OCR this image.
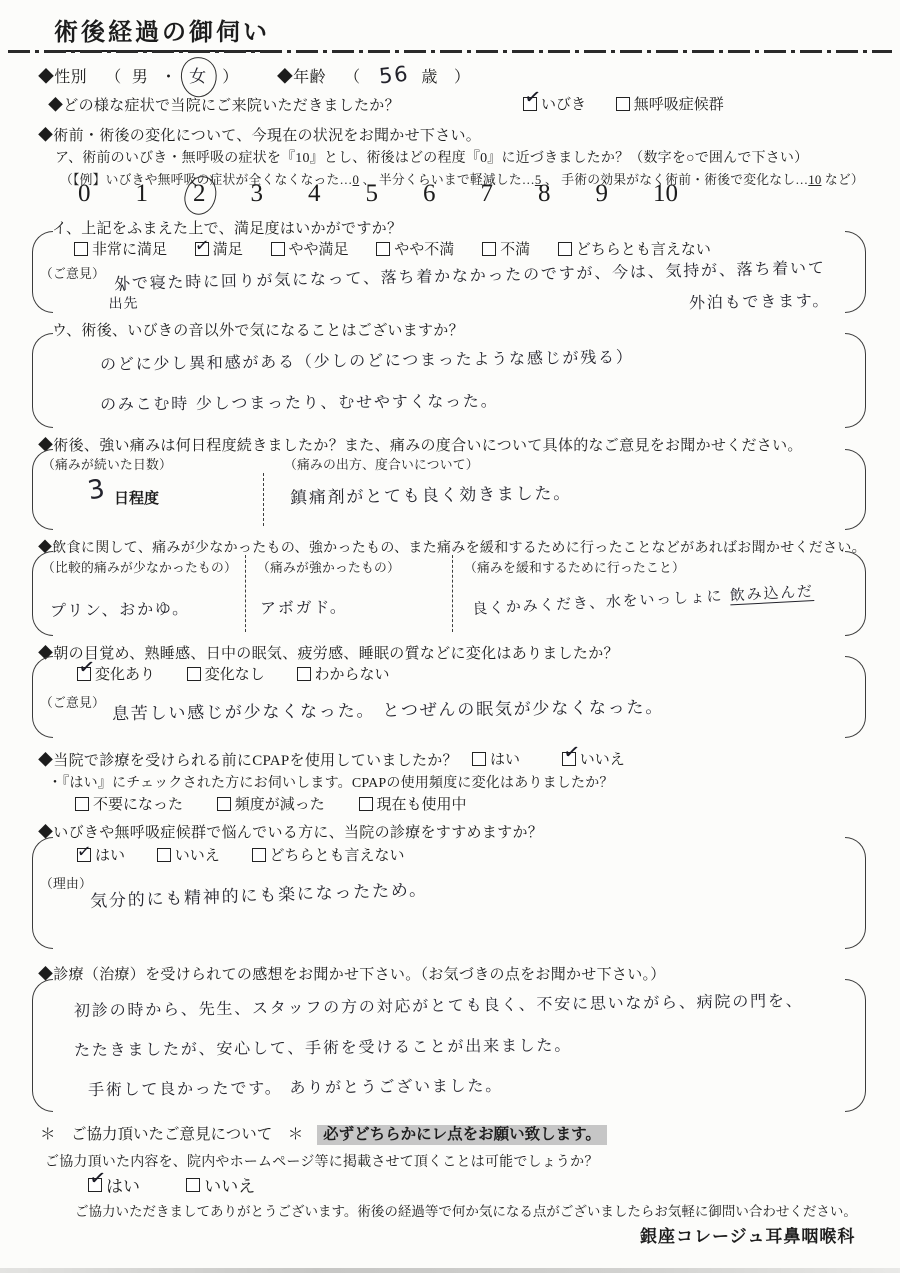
術後経過の御伺い
◆性別 （ 男 ・ 女 ） ◆年齢 （ 56 歳 ）
◆どの様な症状で当院にご来院いただきましたか？ ✓	いびき
	無呼吸症候群
◆術前・術後の変化について、今現在の状況をお聞かせ下さい。
ア、術前のいびき・無呼吸の症状を『10』とし、術後はどの程度『0』に近づきましたか？（数字を○で囲んで下さい）
（【例】いびきや無呼吸の症状が全くなくなった…0 、 半分くらいまで軽減した…5 、 手術の効果がなく術前・術後で変化なし…10 など）
0 1 2 3 4 5 6 7 8 9 10
イ、上記をふまえた上で、満足度はいかがですか？
非常に満足
✓	満足
	やや満足
	やや不満
	不満
	どちらとも言えない
（ご意見） 外
∧ 出先
で寝た時に回りが気になって、落ち着かなかったのですが、今は、気持が、落ち着いて
外泊もできます。
ウ、術後、いびきの音以外で気になることはございますか？
のどに少し異和感がある（少しのどにつまったような感じが残る）
のみこむ時 少しつまったり、むせやすくなった。
◆術後、強い痛みは何日程度続きましたか？また、痛みの度合いについて具体的なご意見をお聞かせください。
（痛みが続いた日数）	（痛みの出方、度合いについて）
3 日程度	鎮痛剤がとても良く効きました。
◆飲食に関して、痛みが少なかったもの、強かったもの、また痛みを緩和するために行ったことなどがあればお聞かせください。
（比較的痛みが少なかったもの） （痛みが強かったもの）	（痛みを緩和するために行ったこと）
プリン、おかゆ。	アボガド。	良くかみくだき、水をいっしょに 飲み込んだ
◆朝の目覚め、熟睡感、日中の眠気、疲労感、睡眠の質などに変化はありましたか？
✓
変化あり
	変化なし
	わからない
（ご意見） 息苦しい感じが少なくなった。 とつぜんの眠気が少なくなった。
◆当院で診療を受けられる前にCPAPを使用していましたか？ はい
✓	いいえ
・『はい』にチェックされた方にお伺いします。CPAPの使用頻度に変化はありましたか？
不要になった
	頻度が減った
	現在も使用中
◆いびきや無呼吸症候群で悩んでいる方に、当院の診療をすすめますか？
✓
はい
	いいえ
	どちらとも言えない
（理由）
気分的にも精神的にも楽になったため。
◆診療（治療）を受けられての感想をお聞かせ下さい。（お気づきの点をお聞かせ下さい。）
初診の時から、先生、スタッフの方の対応がとても良く、不安に思いながら、病院の門を、
たたきましたが、安心して、手術を受けることが出来ました。
手術して良かったです。 ありがとうございました。
＊　ご協力頂いたご意見について　＊ 必ずどちらかにレ点をお願い致します。
ご協力頂いた内容を、院内やホームページ等に掲載させて頂くことは可能でしょうか？
✓
はい
	いいえ
ご協力いただきましてありがとうございます。術後の経過等で何か気になる点がございましたらお気軽に御問い合わせください。
銀座コレージュ耳鼻咽喉科
